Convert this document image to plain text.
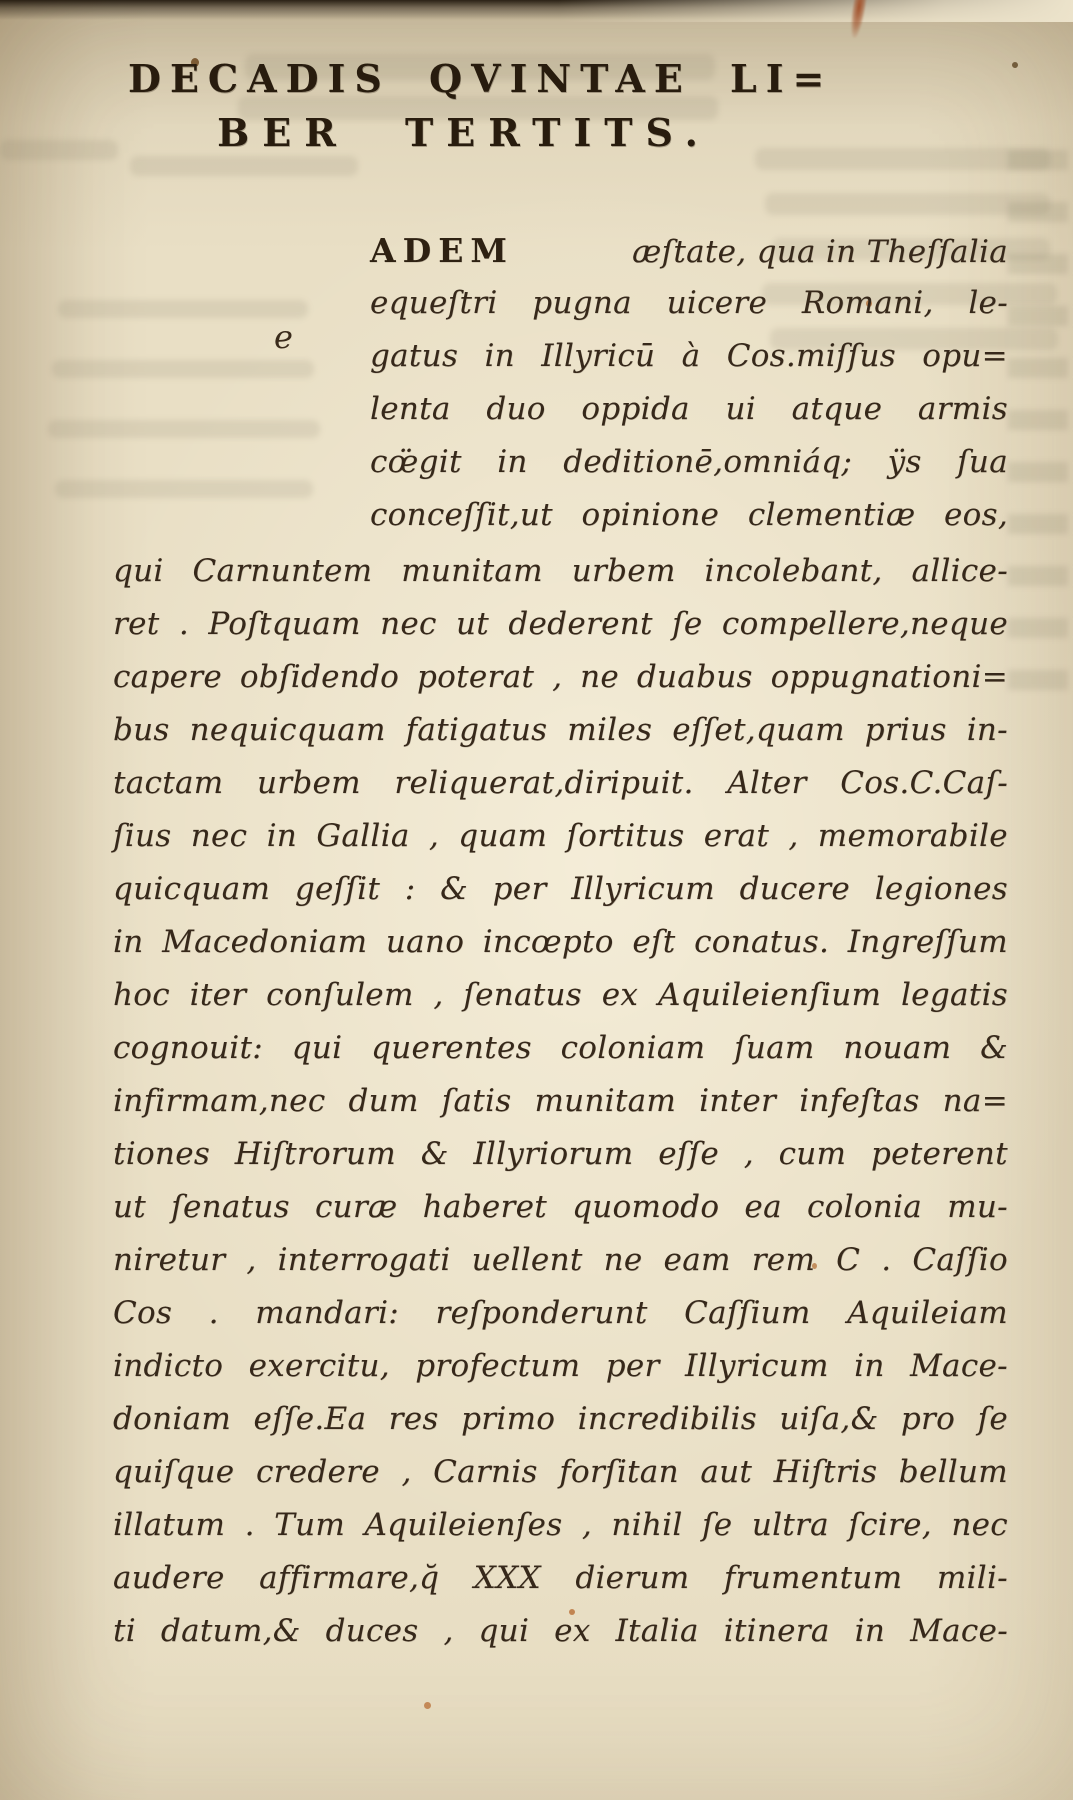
DECADIS QVINTAE LI=
BER TERTITS.
e
ADEM	æſtate, qua in Theſſalia
equeſtri pugna uicere Romani, le-
gatus in Illyricū à Cos.miſſus opu=
lenta duo oppida ui atque armis
cœ̈git in deditionē,omniáq; ÿs ſua
conceſſit,ut opinione clementiæ eos,
qui Carnuntem munitam urbem incolebant, allice-
ret . Poſtquam nec ut dederent ſe compellere,neque
capere obſidendo poterat , ne duabus oppugnationi=
bus nequicquam fatigatus miles eſſet,quam prius in-
tactam urbem reliquerat,diripuit. Alter Cos.C.Caſ-
ſius nec in Gallia , quam ſortitus erat , memorabile
quicquam geſſit : & per Illyricum ducere legiones
in Macedoniam uano incœpto eſt conatus. Ingreſſum
hoc iter conſulem , ſenatus ex Aquileienſium legatis
cognouit: qui querentes coloniam ſuam nouam &
infirmam,nec dum ſatis munitam inter infeſtas na=
tiones Hiſtrorum & Illyriorum eſſe , cum peterent
ut ſenatus curæ haberet quomodo ea colonia mu-
niretur , interrogati uellent ne eam rem C . Caſſio
Cos . mandari: reſponderunt Caſſium Aquileiam
indicto exercitu, profectum per Illyricum in Mace-
doniam eſſe.Ea res primo incredibilis uiſa,& pro ſe
quiſque credere , Carnis forſitan aut Hiſtris bellum
illatum . Tum Aquileienſes , nihil ſe ultra ſcire, nec
audere affirmare,q̆ XXX dierum frumentum mili-
ti datum,& duces , qui ex Italia itinera in Mace-
